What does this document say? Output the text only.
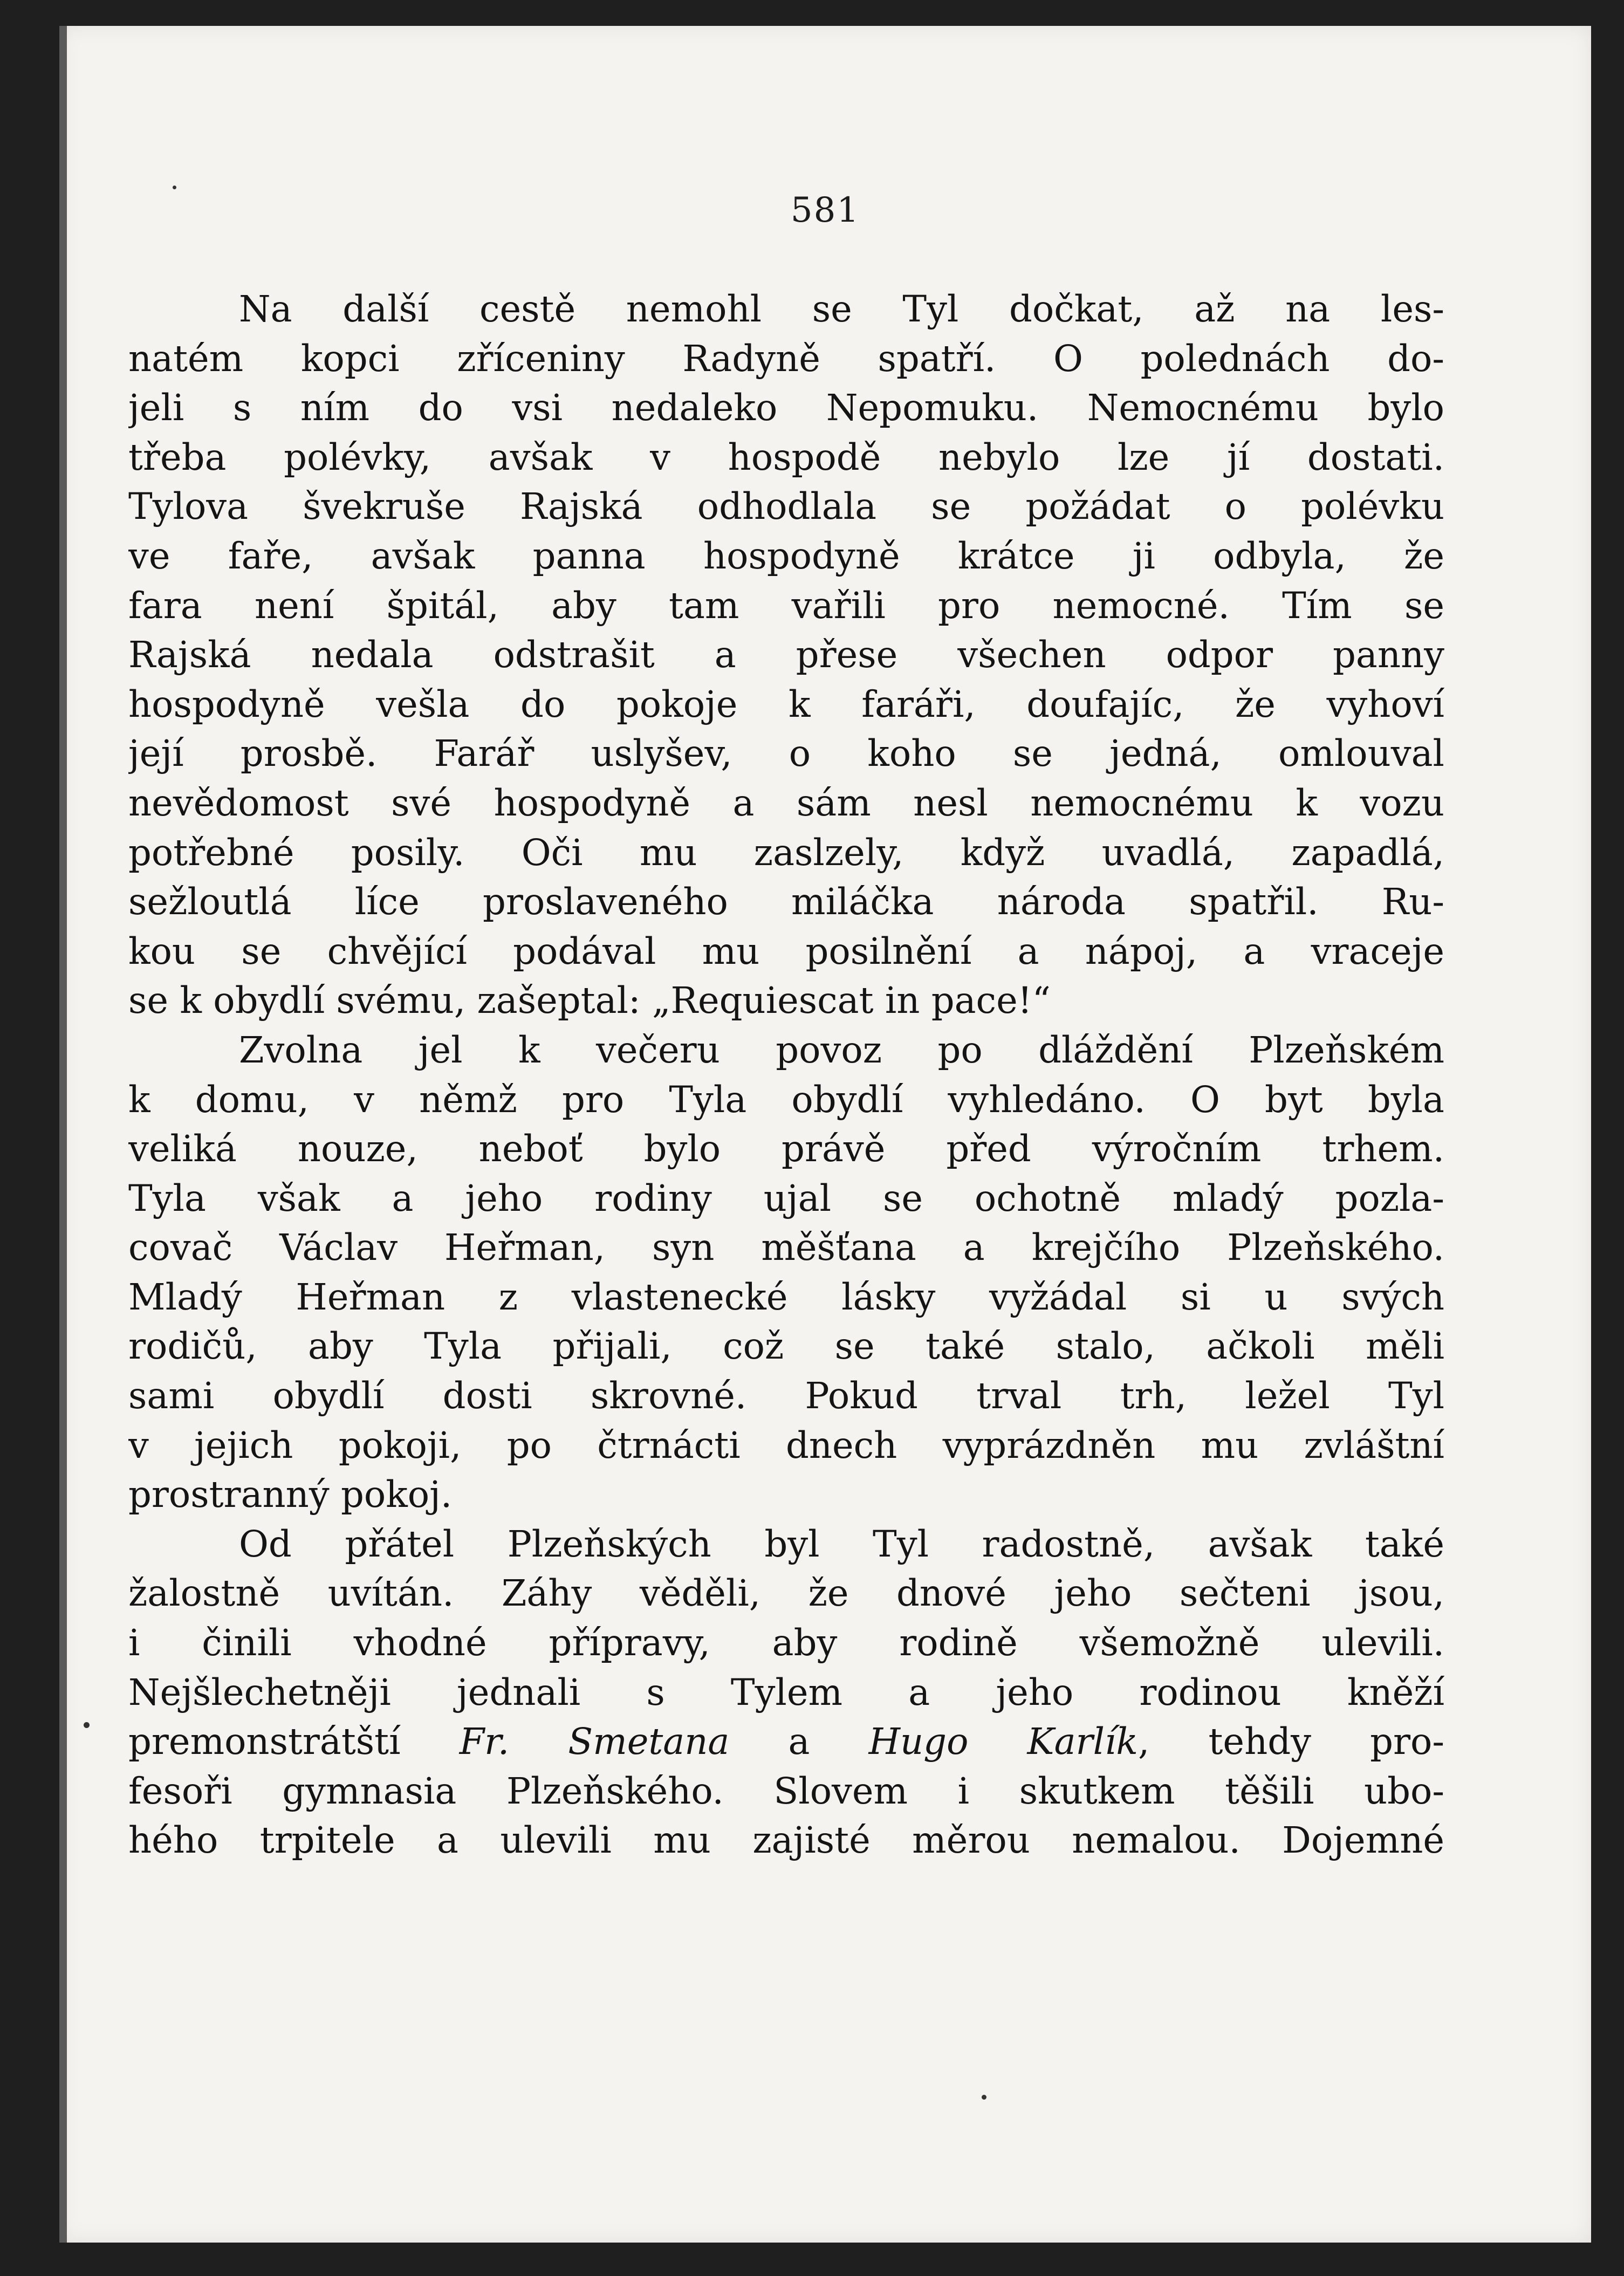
581
Na další cestě nemohl se Tyl dočkat, až na les-
natém kopci zříceniny Radyně spatří. O polednách do-
jeli s ním do vsi nedaleko Nepomuku. Nemocnému bylo
třeba polévky, avšak v hospodě nebylo lze jí dostati.
Tylova švekruše Rajská odhodlala se požádat o polévku
ve faře, avšak panna hospodyně krátce ji odbyla, že
fara není špitál, aby tam vařili pro nemocné. Tím se
Rajská nedala odstrašit a přese všechen odpor panny
hospodyně vešla do pokoje k faráři, doufajíc, že vyhoví
její prosbě. Farář uslyšev, o koho se jedná, omlouval
nevědomost své hospodyně a sám nesl nemocnému k vozu
potřebné posily. Oči mu zaslzely, když uvadlá, zapadlá,
sežloutlá líce proslaveného miláčka národa spatřil. Ru-
kou se chvějící podával mu posilnění a nápoj, a vraceje
se k obydlí svému, zašeptal: „Requiescat in pace!“
Zvolna jel k večeru povoz po dláždění Plzeňském
k domu, v němž pro Tyla obydlí vyhledáno. O byt byla
veliká nouze, neboť bylo právě před výročním trhem.
Tyla však a jeho rodiny ujal se ochotně mladý pozla-
covač Václav Heřman, syn měšťana a krejčího Plzeňského.
Mladý Heřman z vlastenecké lásky vyžádal si u svých
rodičů, aby Tyla přijali, což se také stalo, ačkoli měli
sami obydlí dosti skrovné. Pokud trval trh, ležel Tyl
v jejich pokoji, po čtrnácti dnech vyprázdněn mu zvláštní
prostranný pokoj.
Od přátel Plzeňských byl Tyl radostně, avšak také
žalostně uvítán. Záhy věděli, že dnové jeho sečteni jsou,
i činili vhodné přípravy, aby rodině všemožně ulevili.
Nejšlechetněji jednali s Tylem a jeho rodinou kněží
premonstrátští Fr. Smetana a Hugo Karlík, tehdy pro-
fesoři gymnasia Plzeňského. Slovem i skutkem těšili ubo-
hého trpitele a ulevili mu zajisté měrou nemalou. Dojemné
